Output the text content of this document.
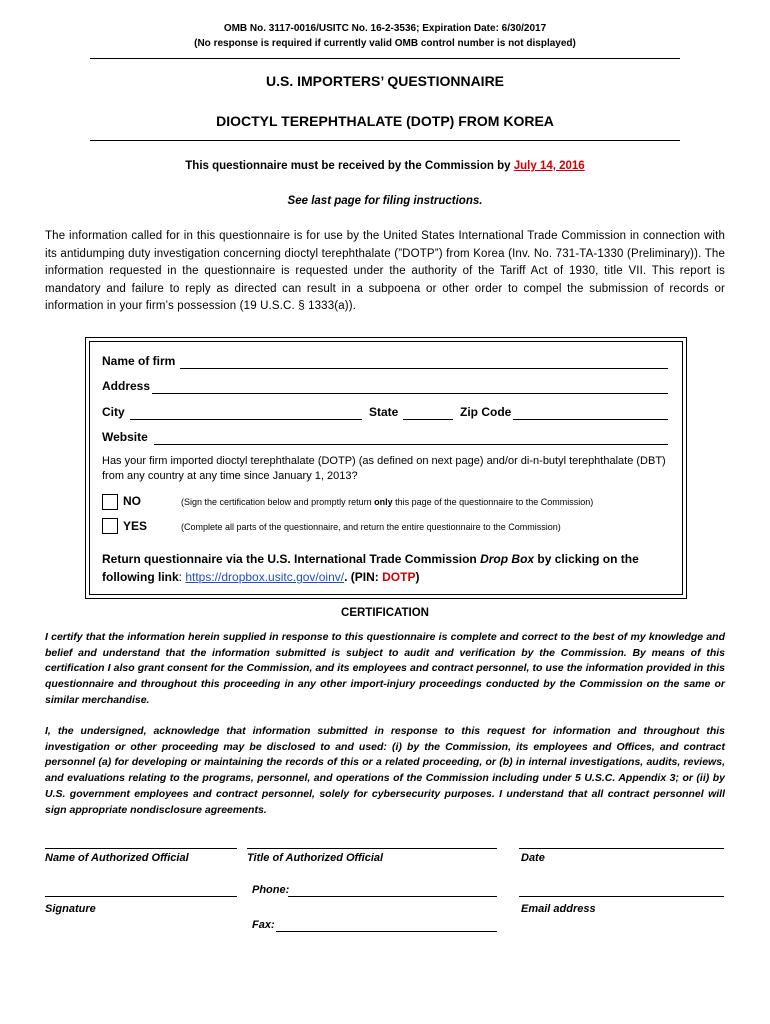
OMB No. 3117-0016/USITC No. 16-2-3536; Expiration Date: 6/30/2017
(No response is required if currently valid OMB control number is not displayed)
U.S. IMPORTERS’ QUESTIONNAIRE
DIOCTYL TEREPHTHALATE (DOTP) FROM KOREA
This questionnaire must be received by the Commission by July 14, 2016
See last page for filing instructions.
The information called for in this questionnaire is for use by the United States International Trade Commission in connection with its antidumping duty investigation concerning dioctyl terephthalate (”DOTP”) from Korea (Inv. No. 731-TA-1330 (Preliminary)). The information requested in the questionnaire is requested under the authority of the Tariff Act of 1930, title VII. This report is mandatory and failure to reply as directed can result in a subpoena or other order to compel the submission of records or information in your firm’s possession (19 U.S.C. § 1333(a)).
Name of firm
Address
City	State	Zip Code
Website
Has your firm imported dioctyl terephthalate (DOTP) (as defined on next page) and/or di-n-butyl terephthalate (DBT) from any country at any time since January 1, 2013?
NO	(Sign the certification below and promptly return only this page of the questionnaire to the Commission)
YES	(Complete all parts of the questionnaire, and return the entire questionnaire to the Commission)
Return questionnaire via the U.S. International Trade Commission Drop Box by clicking on the following link: https://dropbox.usitc.gov/oinv/. (PIN: DOTP)
CERTIFICATION
I certify that the information herein supplied in response to this questionnaire is complete and correct to the best of my knowledge and belief and understand that the information submitted is subject to audit and verification by the Commission. By means of this certification I also grant consent for the Commission, and its employees and contract personnel, to use the information provided in this questionnaire and throughout this proceeding in any other import-injury proceedings conducted by the Commission on the same or similar merchandise.
I, the undersigned, acknowledge that information submitted in response to this request for information and throughout this investigation or other proceeding may be disclosed to and used: (i) by the Commission, its employees and Offices, and contract personnel (a) for developing or maintaining the records of this or a related proceeding, or (b) in internal investigations, audits, reviews, and evaluations relating to the programs, personnel, and operations of the Commission including under 5 U.S.C. Appendix 3; or (ii) by U.S. government employees and contract personnel, solely for cybersecurity purposes. I understand that all contract personnel will sign appropriate nondisclosure agreements.
Name of Authorized Official	Title of Authorized Official	Date
Phone:
Signature	Email address
Fax:
